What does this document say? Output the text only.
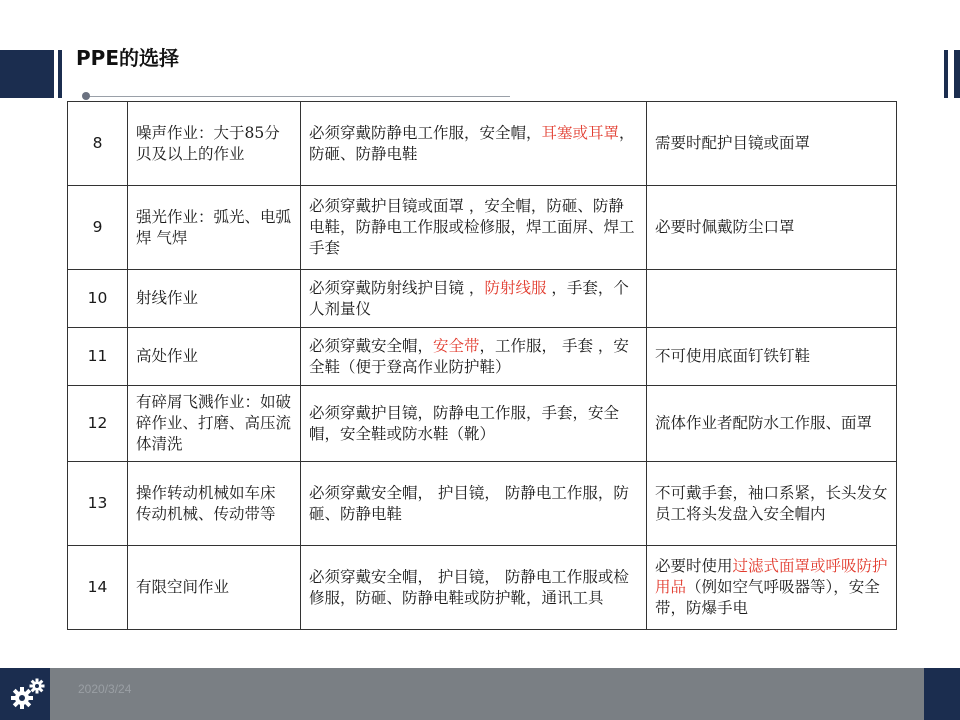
PPE的选择
8	噪声作业：大于85分贝及以上的作业	必须穿戴防静电工作服，安全帽，耳塞或耳罩，防砸、防静电鞋	需要时配护目镜或面罩
9	强光作业：弧光、电弧焊 气焊	必须穿戴护目镜或面罩 ，安全帽，防砸、防静电鞋，防静电工作服或检修服，焊工面屏、焊工手套	必要时佩戴防尘口罩
10	射线作业	必须穿戴防射线护目镜 ，防射线服 ，手套，个人剂量仪	
11	高处作业	必须穿戴安全帽，安全带，工作服， 手套 ，安全鞋（便于登高作业防护鞋）	不可使用底面钉铁钉鞋
12	有碎屑飞溅作业：如破碎作业、打磨、高压流体清洗	必须穿戴护目镜，防静电工作服，手套，安全帽，安全鞋或防水鞋（靴）	流体作业者配防水工作服、面罩
13	操作转动机械如车床 传动机械、传动带等	必须穿戴安全帽， 护目镜， 防静电工作服，防砸、防静电鞋	不可戴手套，袖口系紧，长头发女员工将头发盘入安全帽内
14	有限空间作业	必须穿戴安全帽， 护目镜， 防静电工作服或检修服，防砸、防静电鞋或防护靴，通讯工具	必要时使用过滤式面罩或呼吸防护用品（例如空气呼吸器等），安全带，防爆手电
2020/3/24
